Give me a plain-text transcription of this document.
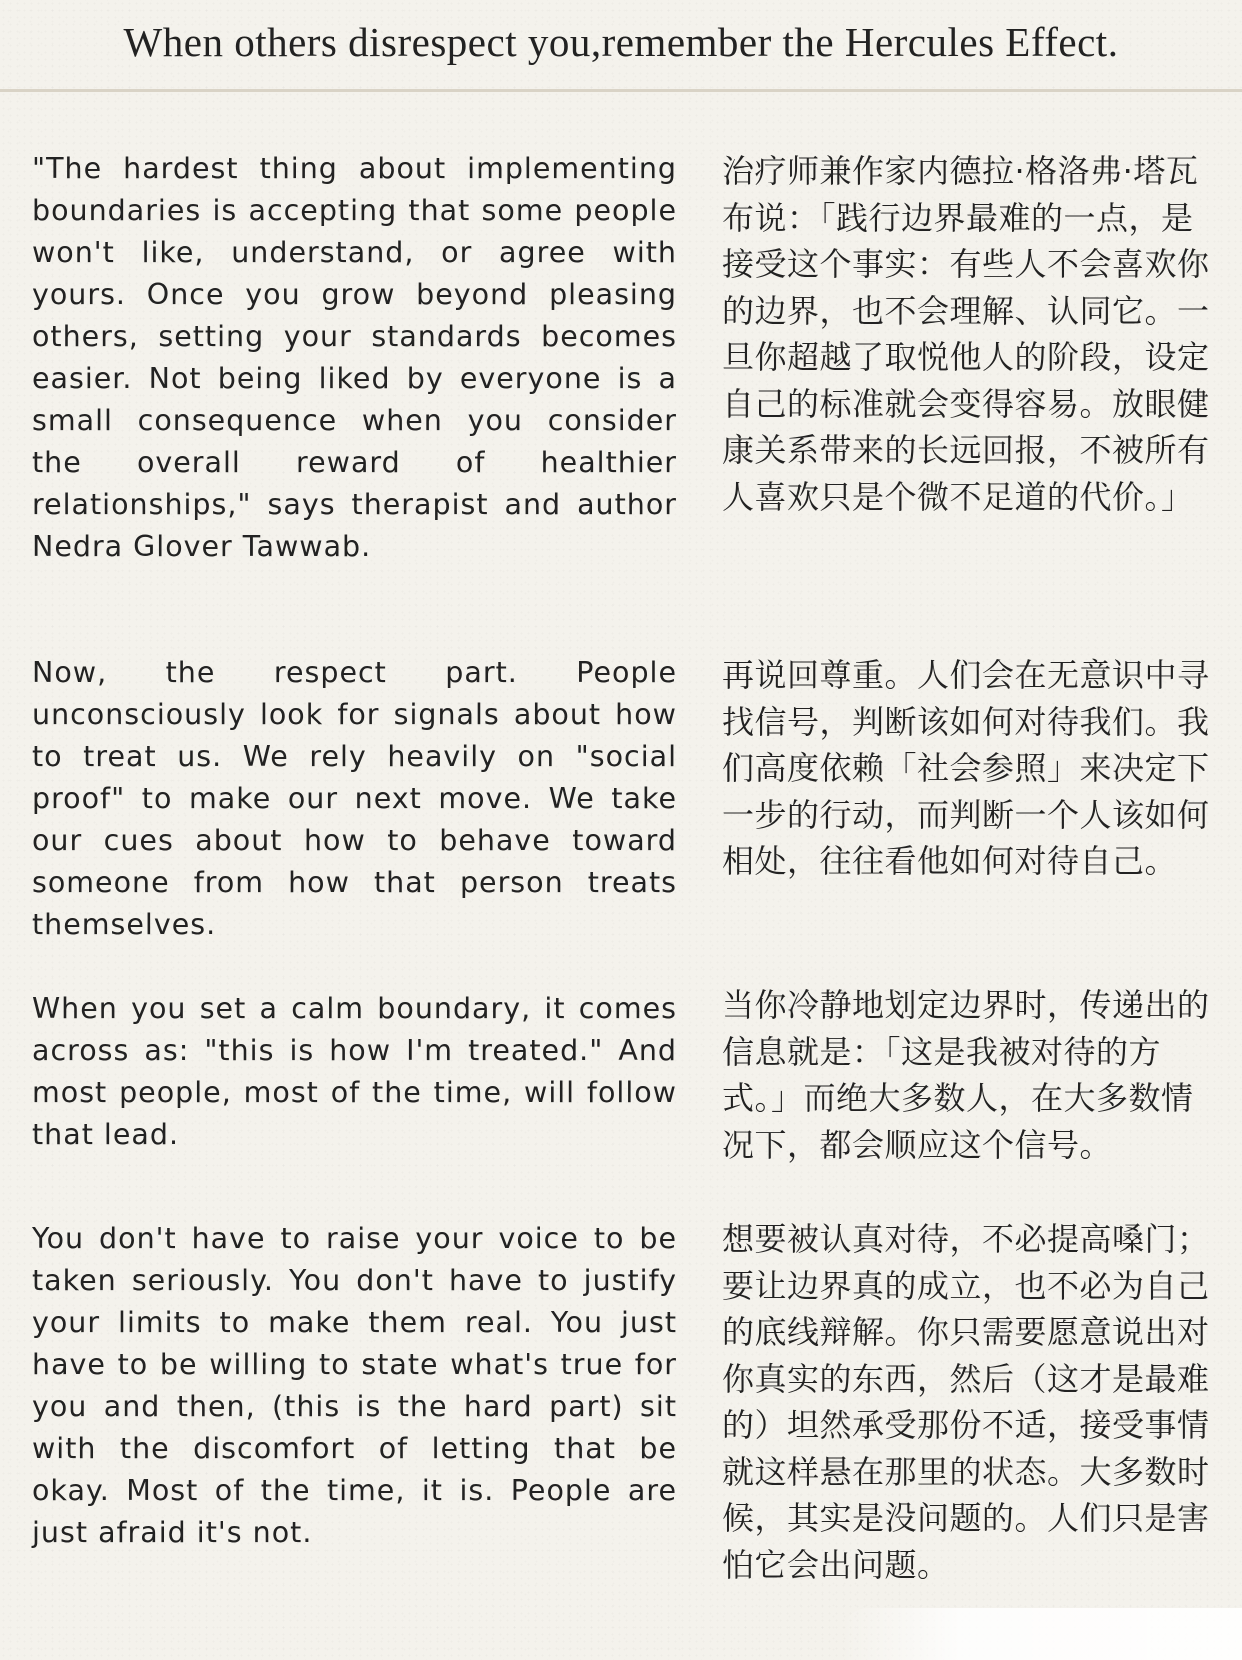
When others disrespect you,remember the Hercules Effect.

"The hardest thing about implementing boundaries is accepting that some people won't like, understand, or agree with yours. Once you grow beyond pleasing others, setting your standards becomes easier. Not being liked by everyone is a small consequence when you consider the overall reward of healthier relationships," says therapist and author Nedra Glover Tawwab.

治疗师兼作家内德拉·格洛弗·塔瓦布说：「践行边界最难的一点，是接受这个事实：有些人不会喜欢你的边界，也不会理解、认同它。一旦你超越了取悦他人的阶段，设定自己的标准就会变得容易。放眼健康关系带来的长远回报，不被所有人喜欢只是个微不足道的代价。」

Now, the respect part. People unconsciously look for signals about how to treat us. We rely heavily on "social proof" to make our next move. We take our cues about how to behave toward someone from how that person treats themselves.

再说回尊重。人们会在无意识中寻找信号，判断该如何对待我们。我们高度依赖「社会参照」来决定下一步的行动，而判断一个人该如何相处，往往看他如何对待自己。

When you set a calm boundary, it comes across as: "this is how I'm treated." And most people, most of the time, will follow that lead.

当你冷静地划定边界时，传递出的信息就是：「这是我被对待的方式。」而绝大多数人，在大多数情况下，都会顺应这个信号。

You don't have to raise your voice to be taken seriously. You don't have to justify your limits to make them real. You just have to be willing to state what's true for you and then, (this is the hard part) sit with the discomfort of letting that be okay. Most of the time, it is. People are just afraid it's not.

想要被认真对待，不必提高嗓门；要让边界真的成立，也不必为自己的底线辩解。你只需要愿意说出对你真实的东西，然后（这才是最难的）坦然承受那份不适，接受事情就这样悬在那里的状态。大多数时候，其实是没问题的。人们只是害怕它会出问题。
